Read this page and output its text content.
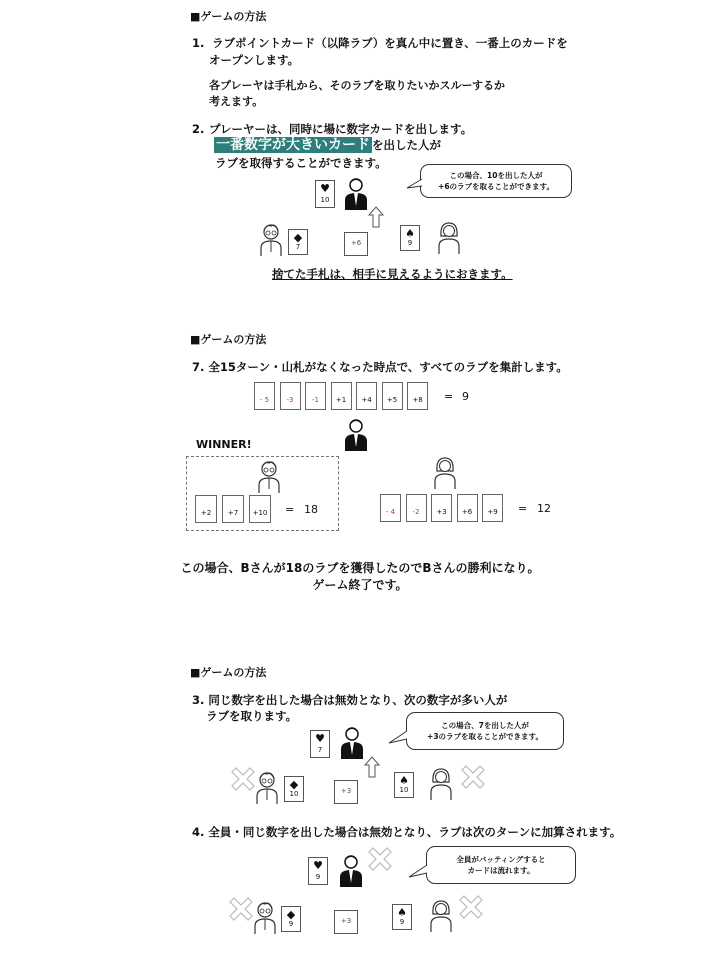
■ゲームの方法
1. ラブポイントカード（以降ラブ）を真ん中に置き、一番上のカードを
オープンします。
各プレーヤは手札から、そのラブを取りたいかスルーするか
考えます。
2. プレーヤーは、同時に場に数字カードを出します。
一番数字が大きいカード を出した人が
ラブを取得することができます。
♥
10
この場合、10を出した人が
+6のラブを取ることができます。
◆
7	+6
♠
9
捨てた手札は、相手に見えるようにおきます。
■ゲームの方法
7. 全15ターン・山札がなくなった時点で、すべてのラブを集計します。
- 5	-3	-1	+1	+4	+5	+8	= 9
WINNER!
+2	+7	+10 = 18	- 4	-2	+3	+6	+9	= 12
この場合、Bさんが18のラブを獲得したのでBさんの勝利になり。
ゲーム終了です。
■ゲームの方法
3. 同じ数字を出した場合は無効となり、次の数字が多い人が
ラブを取ります。
♥
7
この場合、7を出した人が
+3のラブを取ることができます。
◆
10	+3
♠
10
4. 全員・同じ数字を出した場合は無効となり、ラブは次のターンに加算されます。
♥
9
全員がバッティングすると
カードは流れます。
◆
9	+3
♠
9
